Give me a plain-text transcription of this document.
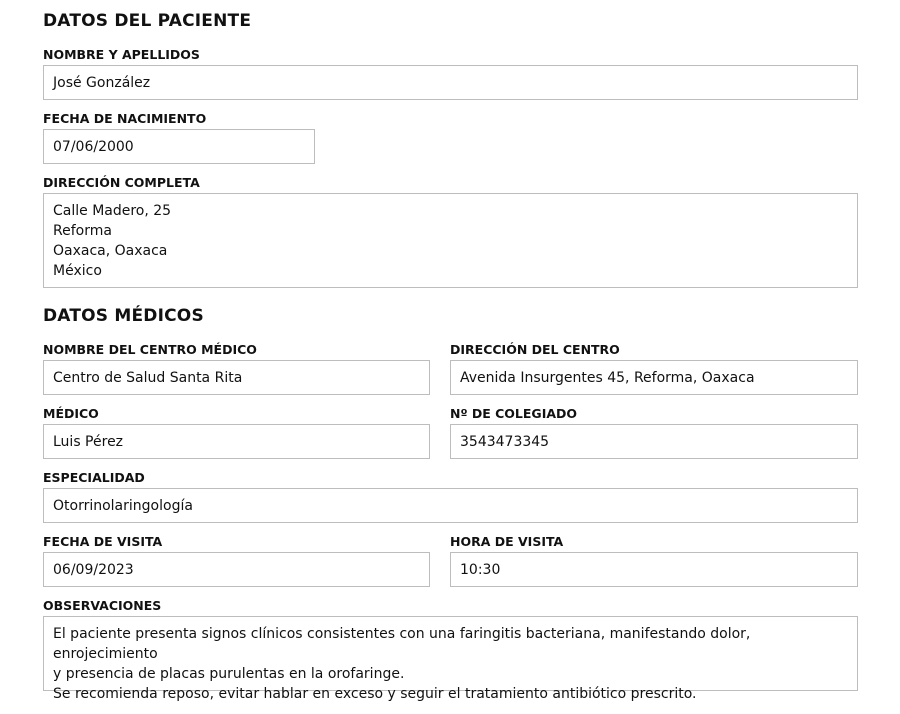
DATOS DEL PACIENTE
NOMBRE Y APELLIDOS
José González
FECHA DE NACIMIENTO
07/06/2000
DIRECCIÓN COMPLETA
Calle Madero, 25
Reforma
Oaxaca, Oaxaca
México
DATOS MÉDICOS
NOMBRE DEL CENTRO MÉDICO
Centro de Salud Santa Rita
DIRECCIÓN DEL CENTRO
Avenida Insurgentes 45, Reforma, Oaxaca
MÉDICO
Luis Pérez
Nº DE COLEGIADO
3543473345
ESPECIALIDAD
Otorrinolaringología
FECHA DE VISITA
06/09/2023
HORA DE VISITA
10:30
OBSERVACIONES
El paciente presenta signos clínicos consistentes con una faringitis bacteriana, manifestando dolor, enrojecimiento
y presencia de placas purulentas en la orofaringe.
Se recomienda reposo, evitar hablar en exceso y seguir el tratamiento antibiótico prescrito.
